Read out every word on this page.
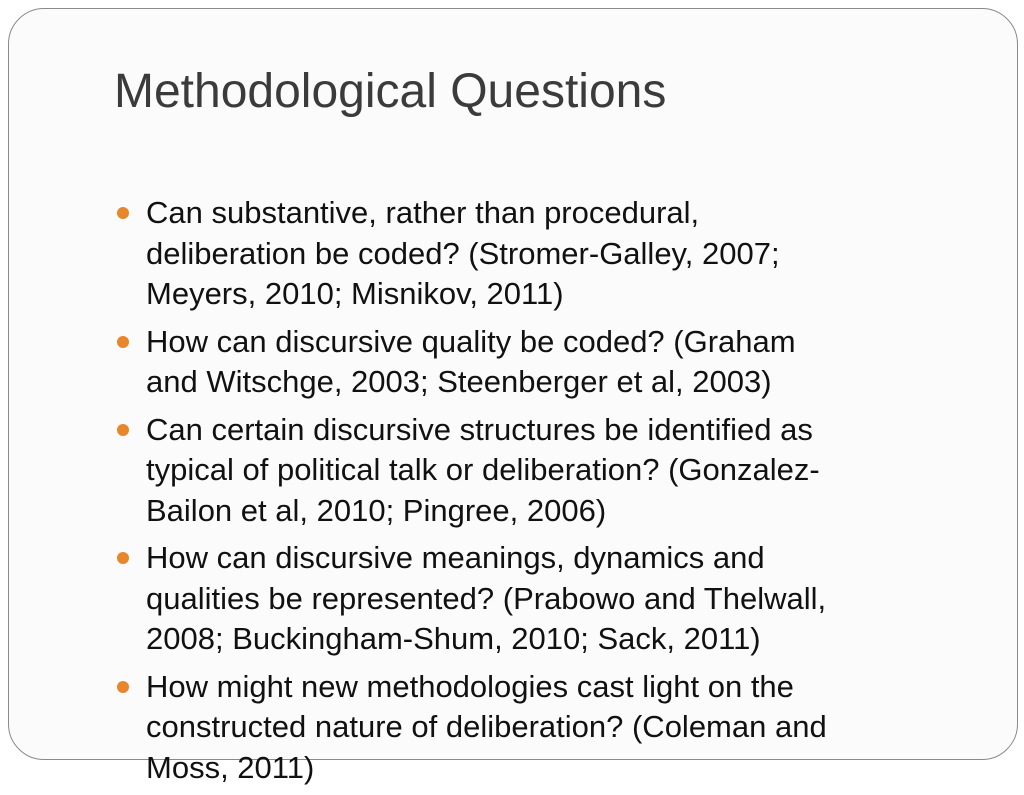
Methodological Questions
Can substantive, rather than procedural,
deliberation be coded? (Stromer-Galley, 2007;
Meyers, 2010; Misnikov, 2011)
How can discursive quality be coded? (Graham
and Witschge, 2003; Steenberger et al, 2003)
Can certain discursive structures be identified as
typical of political talk or deliberation? (Gonzalez-
Bailon et al, 2010; Pingree, 2006)
How can discursive meanings, dynamics and
qualities be represented? (Prabowo and Thelwall,
2008; Buckingham-Shum, 2010; Sack, 2011)
How might new methodologies cast light on the
constructed nature of deliberation? (Coleman and
Moss, 2011)
